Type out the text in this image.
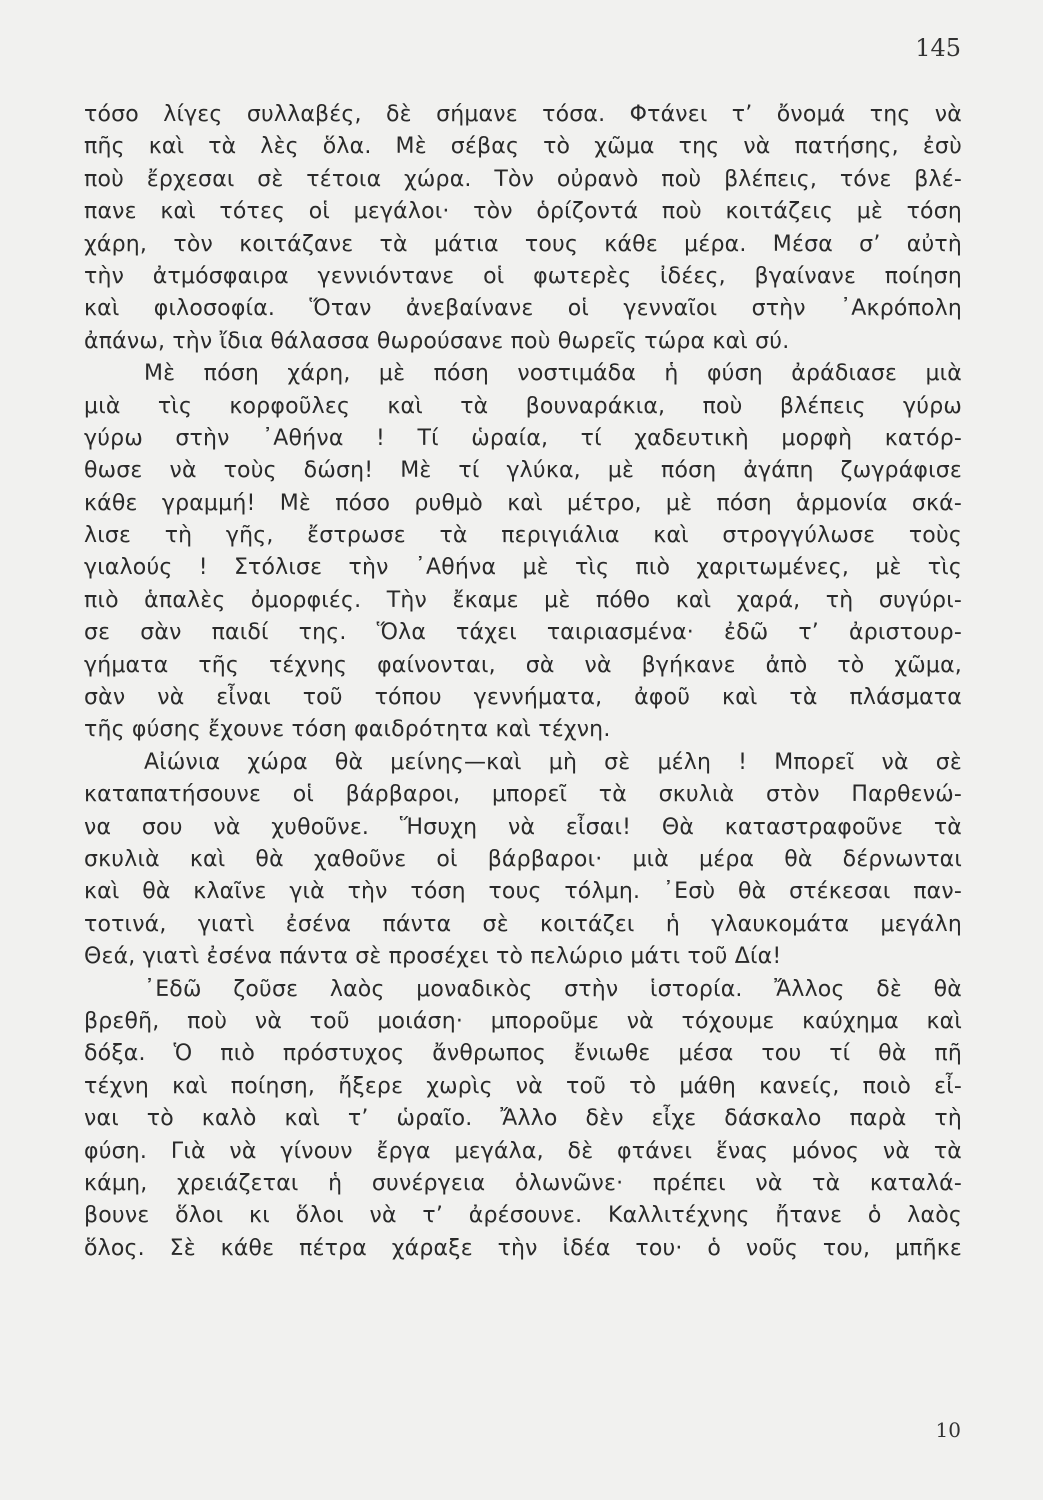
145
τόσο λίγες συλλαβές, δὲ σήμανε τόσα. Φτάνει τ’ ὄνομά της νὰ
πῆς καὶ τὰ λὲς ὅλα. Μὲ σέβας τὸ χῶμα της νὰ πατήσης, ἐσὺ
ποὺ ἔρχεσαι σὲ τέτοια χώρα. Τὸν οὐρανὸ ποὺ βλέπεις, τόνε βλέ-
πανε καὶ τότες οἱ μεγάλοι· τὸν ὁρίζοντά ποὺ κοιτάζεις μὲ τόση
χάρη, τὸν κοιτάζανε τὰ μάτια τους κάθε μέρα. Μέσα σ’ αὐτὴ
τὴν ἀτμόσφαιρα γεννιόντανε οἱ φωτερὲς ἰδέες, βγαίνανε ποίηση
καὶ φιλοσοφία. Ὅταν ἀνεβαίνανε οἱ γενναῖοι στὴν ᾿Ακρόπολη
ἀπάνω, τὴν ἴδια θάλασσα θωρούσανε ποὺ θωρεῖς τώρα καὶ σύ.
Μὲ πόση χάρη, μὲ πόση νοστιμάδα ἡ φύση ἀράδιασε μιὰ
μιὰ τὶς κορφοῦλες καὶ τὰ βουναράκια, ποὺ βλέπεις γύρω
γύρω στὴν ᾿Αθήνα ! Τί ὡραία, τί χαδευτικὴ μορφὴ κατόρ-
θωσε νὰ τοὺς δώση! Μὲ τί γλύκα, μὲ πόση ἀγάπη ζωγράφισε
κάθε γραμμή! Μὲ πόσο ρυθμὸ καὶ μέτρο, μὲ πόση ἁρμονία σκά-
λισε τὴ γῆς, ἔστρωσε τὰ περιγιάλια καὶ στρογγύλωσε τοὺς
γιαλούς ! Στόλισε τὴν ᾿Αθήνα μὲ τὶς πιὸ χαριτωμένες, μὲ τὶς
πιὸ ἁπαλὲς ὀμορφιές. Τὴν ἔκαμε μὲ πόθο καὶ χαρά, τὴ συγύρι-
σε σὰν παιδί της. Ὅλα τάχει ταιριασμένα· ἐδῶ τ’ ἀριστουρ-
γήματα τῆς τέχνης φαίνονται, σὰ νὰ βγήκανε ἀπὸ τὸ χῶμα,
σὰν νὰ εἶναι τοῦ τόπου γεννήματα, ἀφοῦ καὶ τὰ πλάσματα
τῆς φύσης ἔχουνε τόση φαιδρότητα καὶ τέχνη.
Αἰώνια χώρα θὰ μείνης—καὶ μὴ σὲ μέλη ! Μπορεῖ νὰ σὲ
καταπατήσουνε οἱ βάρβαροι, μπορεῖ τὰ σκυλιὰ στὸν Παρθενώ-
να σου νὰ χυθοῦνε. Ἥσυχη νὰ εἶσαι! Θὰ καταστραφοῦνε τὰ
σκυλιὰ καὶ θὰ χαθοῦνε οἱ βάρβαροι· μιὰ μέρα θὰ δέρνωνται
καὶ θὰ κλαῖνε γιὰ τὴν τόση τους τόλμη. ᾿Εσὺ θὰ στέκεσαι παν-
τοτινά, γιατὶ ἐσένα πάντα σὲ κοιτάζει ἡ γλαυκομάτα μεγάλη
Θεά, γιατὶ ἐσένα πάντα σὲ προσέχει τὸ πελώριο μάτι τοῦ Δία!
᾿Εδῶ ζοῦσε λαὸς μοναδικὸς στὴν ἱστορία. Ἄλλος δὲ θὰ
βρεθῆ, ποὺ νὰ τοῦ μοιάση· μποροῦμε νὰ τόχουμε καύχημα καὶ
δόξα. Ὁ πιὸ πρόστυχος ἄνθρωπος ἔνιωθε μέσα του τί θὰ πῆ
τέχνη καὶ ποίηση, ἤξερε χωρὶς νὰ τοῦ τὸ μάθη κανείς, ποιὸ εἶ-
ναι τὸ καλὸ καὶ τ’ ὡραῖο. Ἄλλο δὲν εἶχε δάσκαλο παρὰ τὴ
φύση. Γιὰ νὰ γίνουν ἔργα μεγάλα, δὲ φτάνει ἕνας μόνος νὰ τὰ
κάμη, χρειάζεται ἡ συνέργεια ὁλωνῶνε· πρέπει νὰ τὰ καταλά-
βουνε ὅλοι κι ὅλοι νὰ τ’ ἀρέσουνε. Καλλιτέχνης ἤτανε ὁ λαὸς
ὅλος. Σὲ κάθε πέτρα χάραξε τὴν ἰδέα του· ὁ νοῦς του, μπῆκε
10
